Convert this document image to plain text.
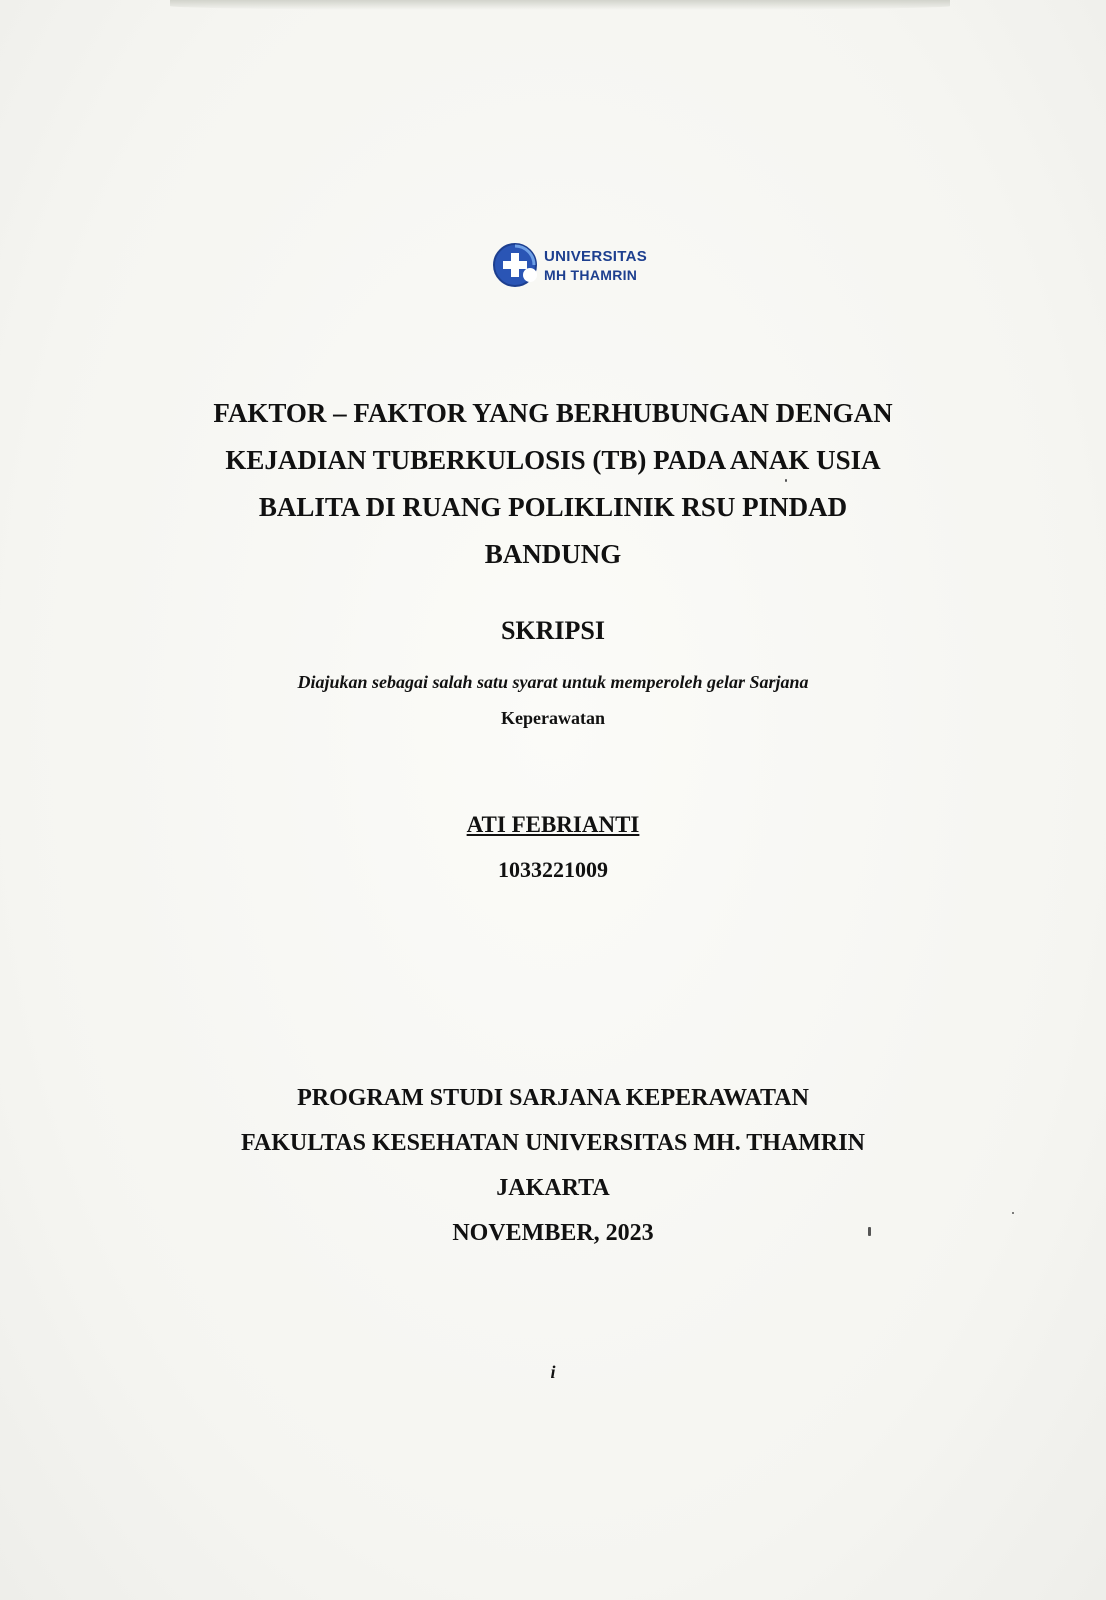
UNIVERSITAS
MH THAMRIN
FAKTOR – FAKTOR YANG BERHUBUNGAN DENGAN
KEJADIAN TUBERKULOSIS (TB) PADA ANAK USIA
BALITA DI RUANG POLIKLINIK RSU PINDAD
BANDUNG
SKRIPSI
Diajukan sebagai salah satu syarat untuk memperoleh gelar Sarjana
Keperawatan
ATI FEBRIANTI
1033221009
PROGRAM STUDI SARJANA KEPERAWATAN
FAKULTAS KESEHATAN UNIVERSITAS MH. THAMRIN
JAKARTA
NOVEMBER, 2023
i
